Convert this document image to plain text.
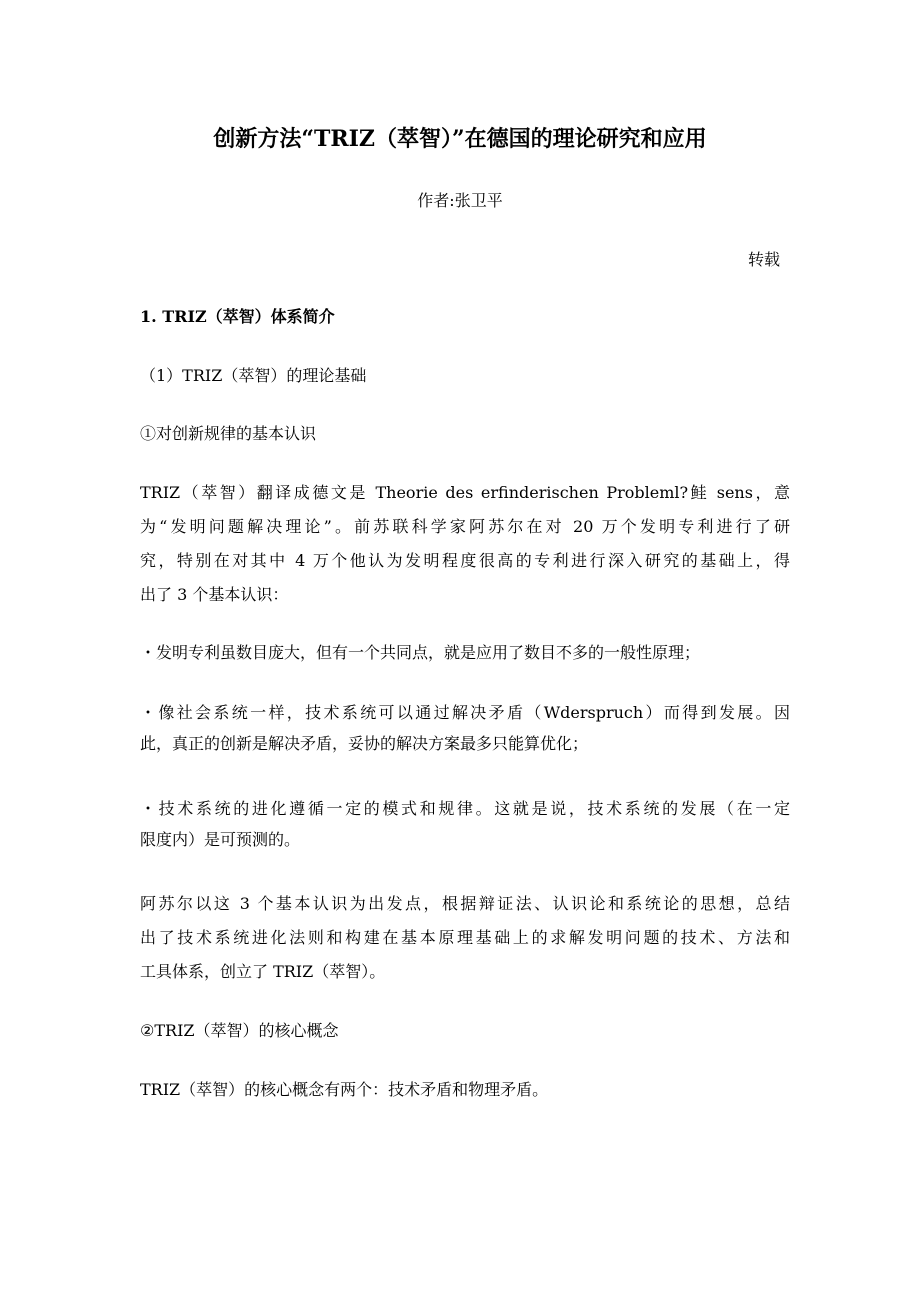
创新方法“TRIZ（萃智）”在德国的理论研究和应用
作者:张卫平
转载
1. TRIZ（萃智）体系简介
（1）TRIZ（萃智）的理论基础
①对创新规律的基本认识
TRIZ（萃智）翻译成德文是 Theorie des erfinderischen Probleml?鲑 sens，意
为“发明问题解决理论”。前苏联科学家阿苏尔在对 20 万个发明专利进行了研
究，特别在对其中 4 万个他认为发明程度很高的专利进行深入研究的基础上，得
出了 3 个基本认识：
・发明专利虽数目庞大，但有一个共同点，就是应用了数目不多的一般性原理；
・像社会系统一样，技术系统可以通过解决矛盾（Wderspruch）而得到发展。因
此，真正的创新是解决矛盾，妥协的解决方案最多只能算优化；
・技术系统的进化遵循一定的模式和规律。这就是说，技术系统的发展（在一定
限度内）是可预测的。
阿苏尔以这 3 个基本认识为出发点，根据辩证法、认识论和系统论的思想，总结
出了技术系统进化法则和构建在基本原理基础上的求解发明问题的技术、方法和
工具体系，创立了 TRIZ（萃智）。
②TRIZ（萃智）的核心概念
TRIZ（萃智）的核心概念有两个：技术矛盾和物理矛盾。
